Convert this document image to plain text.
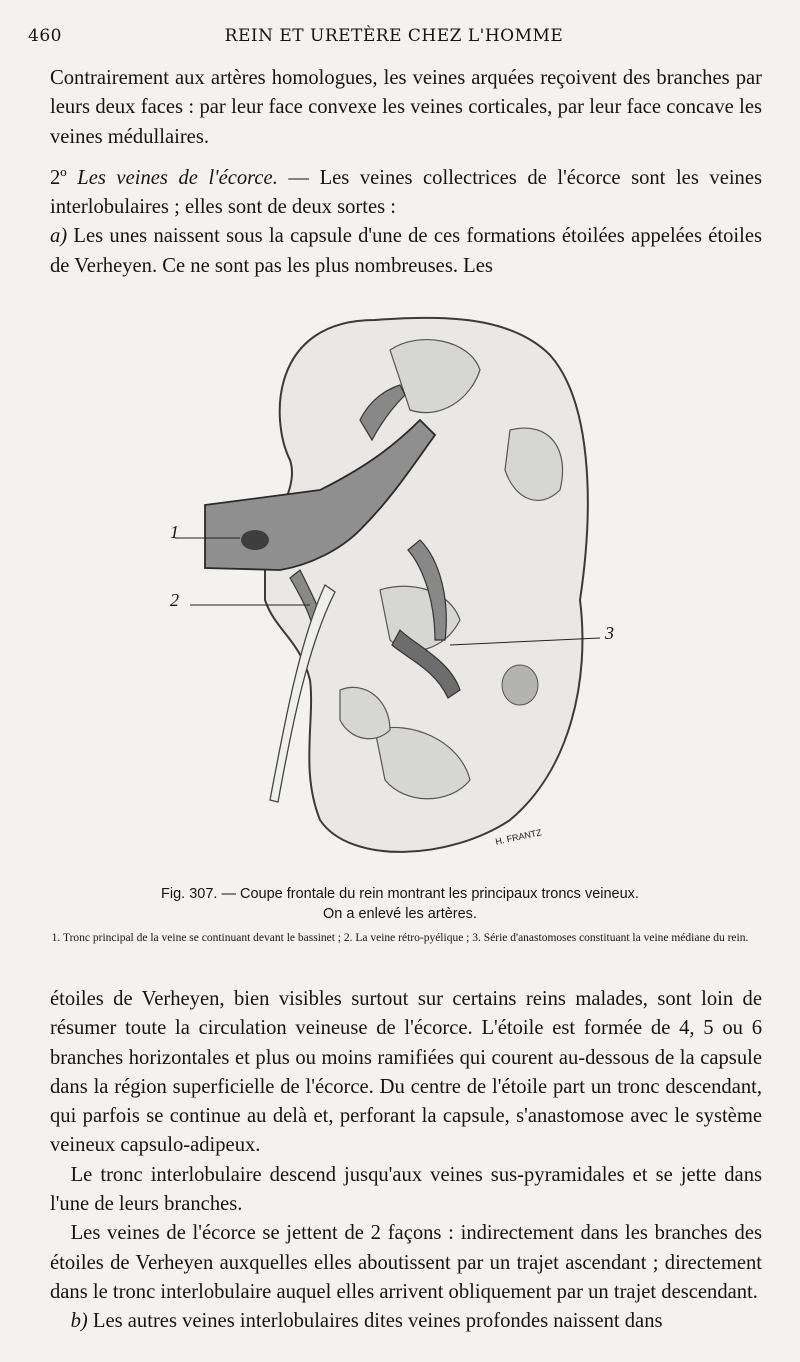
460	REIN ET URETÈRE CHEZ L'HOMME

Contrairement aux artères homologues, les veines arquées reçoivent des branches par leurs deux faces : par leur face convexe les veines corticales, par leur face concave les veines médullaires.

2º Les veines de l'écorce. — Les veines collectrices de l'écorce sont les veines interlobulaires ; elles sont de deux sortes :

a) Les unes naissent sous la capsule d'une de ces formations étoilées appelées étoiles de Verheyen. Ce ne sont pas les plus nombreuses. Les

1
2
3
H. FRANTZ
Fig. 307. — Coupe frontale du rein montrant les principaux troncs veineux.
On a enlevé les artères.
1. Tronc principal de la veine se continuant devant le bassinet ; 2. La veine rétro-pyélique ; 3. Série d'anastomoses constituant la veine médiane du rein.

étoiles de Verheyen, bien visibles surtout sur certains reins malades, sont loin de résumer toute la circulation veineuse de l'écorce. L'étoile est formée de 4, 5 ou 6 branches horizontales et plus ou moins ramifiées qui courent au-dessous de la capsule dans la région superficielle de l'écorce. Du centre de l'étoile part un tronc descendant, qui parfois se continue au delà et, perforant la capsule, s'anastomose avec le système veineux capsulo-adipeux.

Le tronc interlobulaire descend jusqu'aux veines sus-pyramidales et se jette dans l'une de leurs branches.

Les veines de l'écorce se jettent de 2 façons : indirectement dans les branches des étoiles de Verheyen auxquelles elles aboutissent par un trajet ascendant ; directement dans le tronc interlobulaire auquel elles arrivent obliquement par un trajet descendant.

b) Les autres veines interlobulaires dites veines profondes naissent dans
